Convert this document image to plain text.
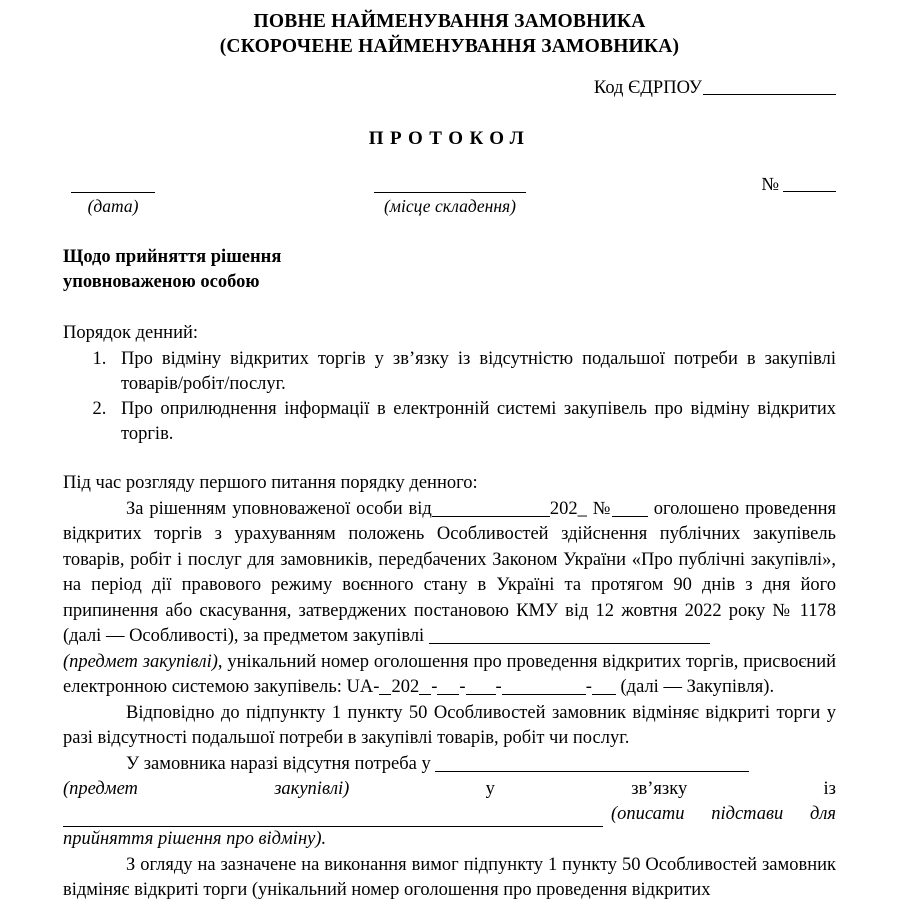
ПОВНЕ НАЙМЕНУВАННЯ ЗАМОВНИКА
(СКОРОЧЕНЕ НАЙМЕНУВАННЯ ЗАМОВНИКА)
Код ЄДРПОУ
ПРОТОКОЛ
(дата)	(місце складення)
№
Щодо прийняття рішення
уповноваженою особою
Порядок денний:
1. Про відміну відкритих торгів у зв’язку із відсутністю подальшої потреби в закупівлі товарів/робіт/послуг.
2. Про оприлюднення інформації в електронній системі закупівель про відміну відкритих торгів.

Під час розгляду першого питання порядку денного:

За рішенням уповноваженої особи від	202_ № оголошено проведення відкритих торгів з урахуванням положень Особливостей здійснення публічних закупівель товарів, робіт і послуг для замовників, передбачених Законом України «Про публічні закупівлі», на період дії правового режиму воєнного стану в Україні та протягом 90 днів з дня його припинення або скасування, затверджених постановою КМУ від 12 жовтня 2022 року № 1178 (далі — Особливості), за предметом закупівлі

(предмет закупівлі), унікальний номер оголошення про проведення відкритих торгів, присвоєний електронною системою закупівель: UA- 202 - - -	- (далі — Закупівля).

Відповідно до підпункту 1 пункту 50 Особливостей замовник відміняє відкриті торги у разі відсутності подальшої потреби в закупівлі товарів, робіт чи послуг.

У замовника наразі відсутня потреба у

(предмет	закупівлі)	у	зв’язку	із
(описати підстави для
прийняття рішення про відміну).

З огляду на зазначене на виконання вимог підпункту 1 пункту 50 Особливостей замовник відміняє відкриті торги (унікальний номер оголошення про проведення відкритих
